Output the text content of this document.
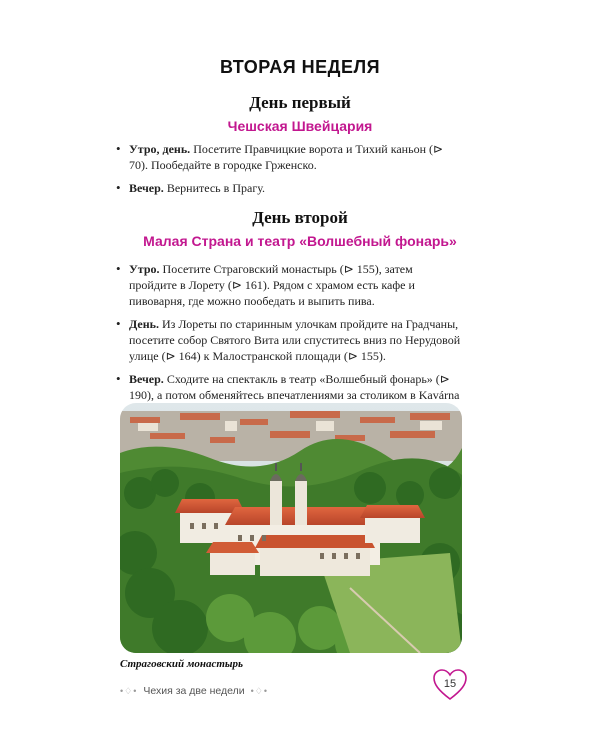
ВТОРАЯ НЕДЕЛЯ
День первый
Чешская Швейцария
• Утро, день. Посетите Правчицкие ворота и Тихий каньон (⊳ 70). Пообедайте в городке Грженско.
• Вечер. Вернитесь в Прагу.
День второй
Малая Страна и театр «Волшебный фонарь»
• Утро. Посетите Страговский монастырь (⊳ 155), затем пройдите в Лорету (⊳ 161). Рядом с храмом есть кафе и пивоварня, где можно пообедать и выпить пива.
• День. Из Лореты по старинным улочкам пройдите на Градчаны, посетите собор Святого Вита или спуститесь вниз по Нерудовой улице (⊳ 164) к Малостранской площади (⊳ 155).
• Вечер. Сходите на спектакль в театр «Волшебный фонарь» (⊳ 190), а потом обменяйтесь впечатлениями за столиком в Kavárna
Страговский монастырь
•♢• Чехия за две недели •♢•
15
